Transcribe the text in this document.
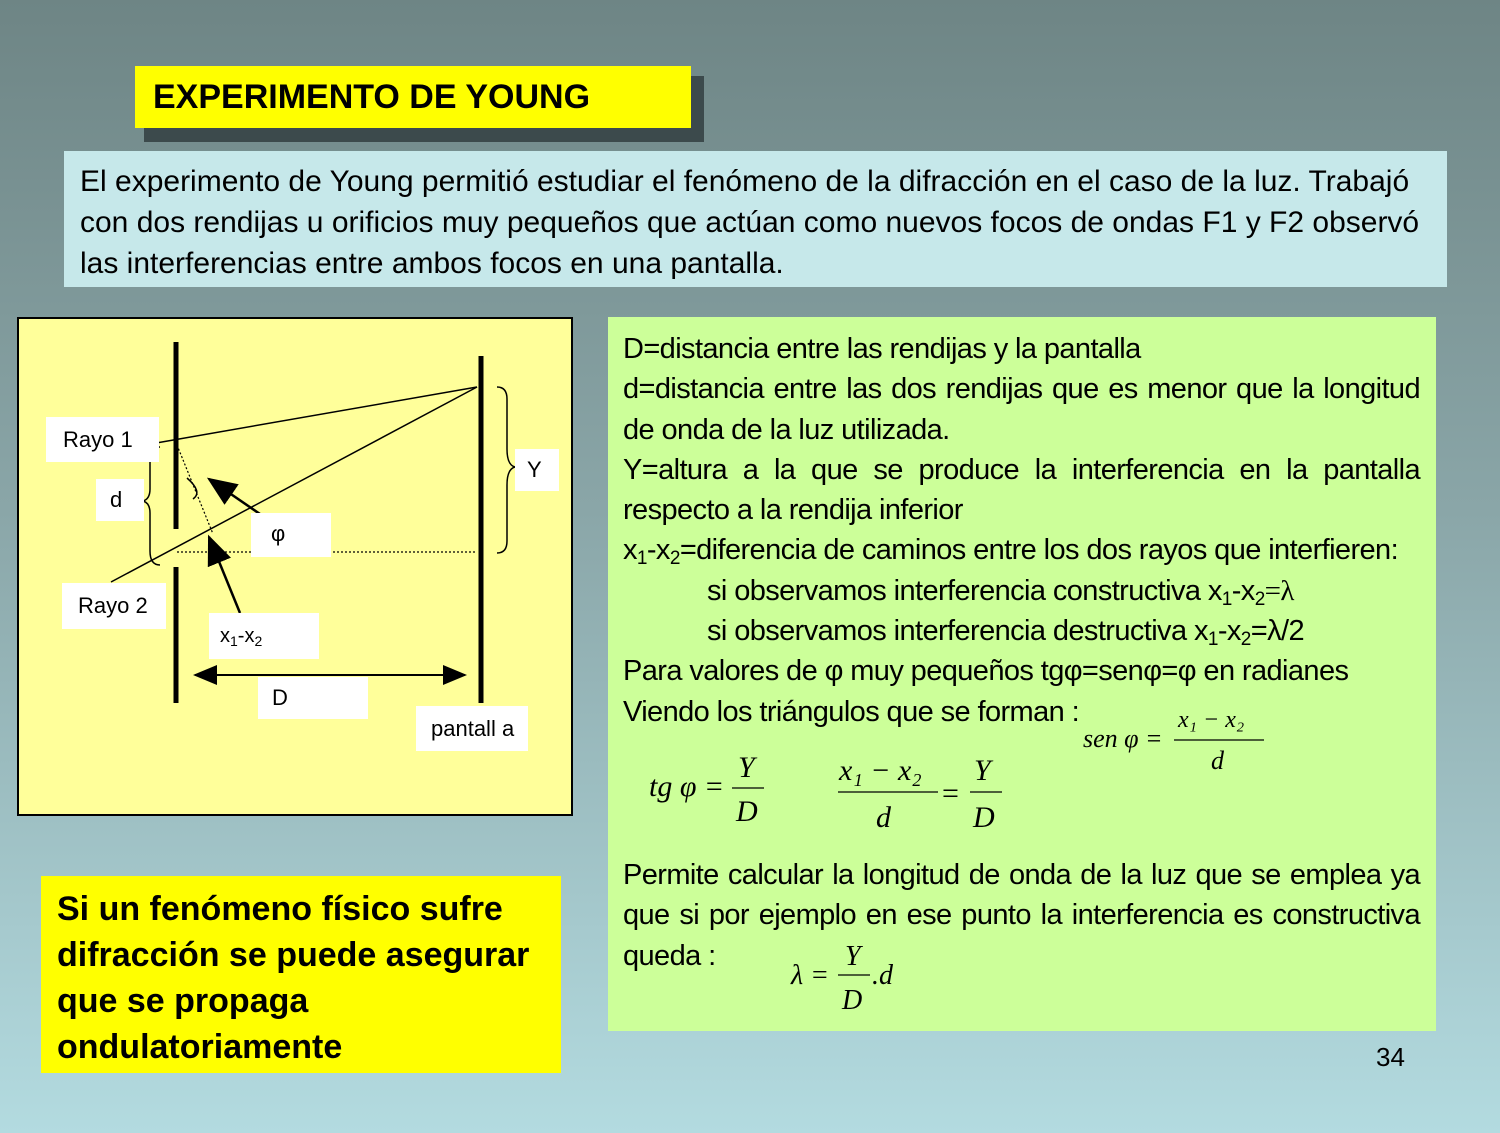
EXPERIMENTO DE YOUNG
El experimento de Young permitió estudiar el fenómeno de la difracción en el caso de la luz. Trabajó con dos rendijas u orificios muy pequeños que actúan como nuevos focos de ondas F1 y F2 observó las interferencias entre ambos focos en una pantalla.
Rayo 1
d
φ
Rayo 2
$x_1-x_2$
D
Y
pantall a

D=distancia entre las rendijas y la pantalla

d=distancia entre las dos rendijas que es menor que la longitud de onda de la luz utilizada.

Y=altura a la que se produce la interferencia en la pantalla respecto a la rendija inferior

$x_1-x_2=diferencia$ de caminos entre los dos rayos que interfieren:

si observamos interferencia constructiva $x_1-x_2=\lambda$

si observamos interferencia destructiva $x_1-x_2=\lambda/2$

Para valores de φ muy pequeños tgφ=senφ=φ en radianes

Viendo los triángulos que se forman :

sen φ =
x₁ − x₂
d
tg φ =
Y
D
x₁ − x₂
d
=
Y
D

Permite calcular la longitud de onda de la luz que se emplea ya que si por ejemplo en ese punto la interferencia es constructiva queda :

λ =
Y
D
.d
Si un fenómeno físico sufre difracción se puede asegurar que se propaga ondulatoriamente	34
